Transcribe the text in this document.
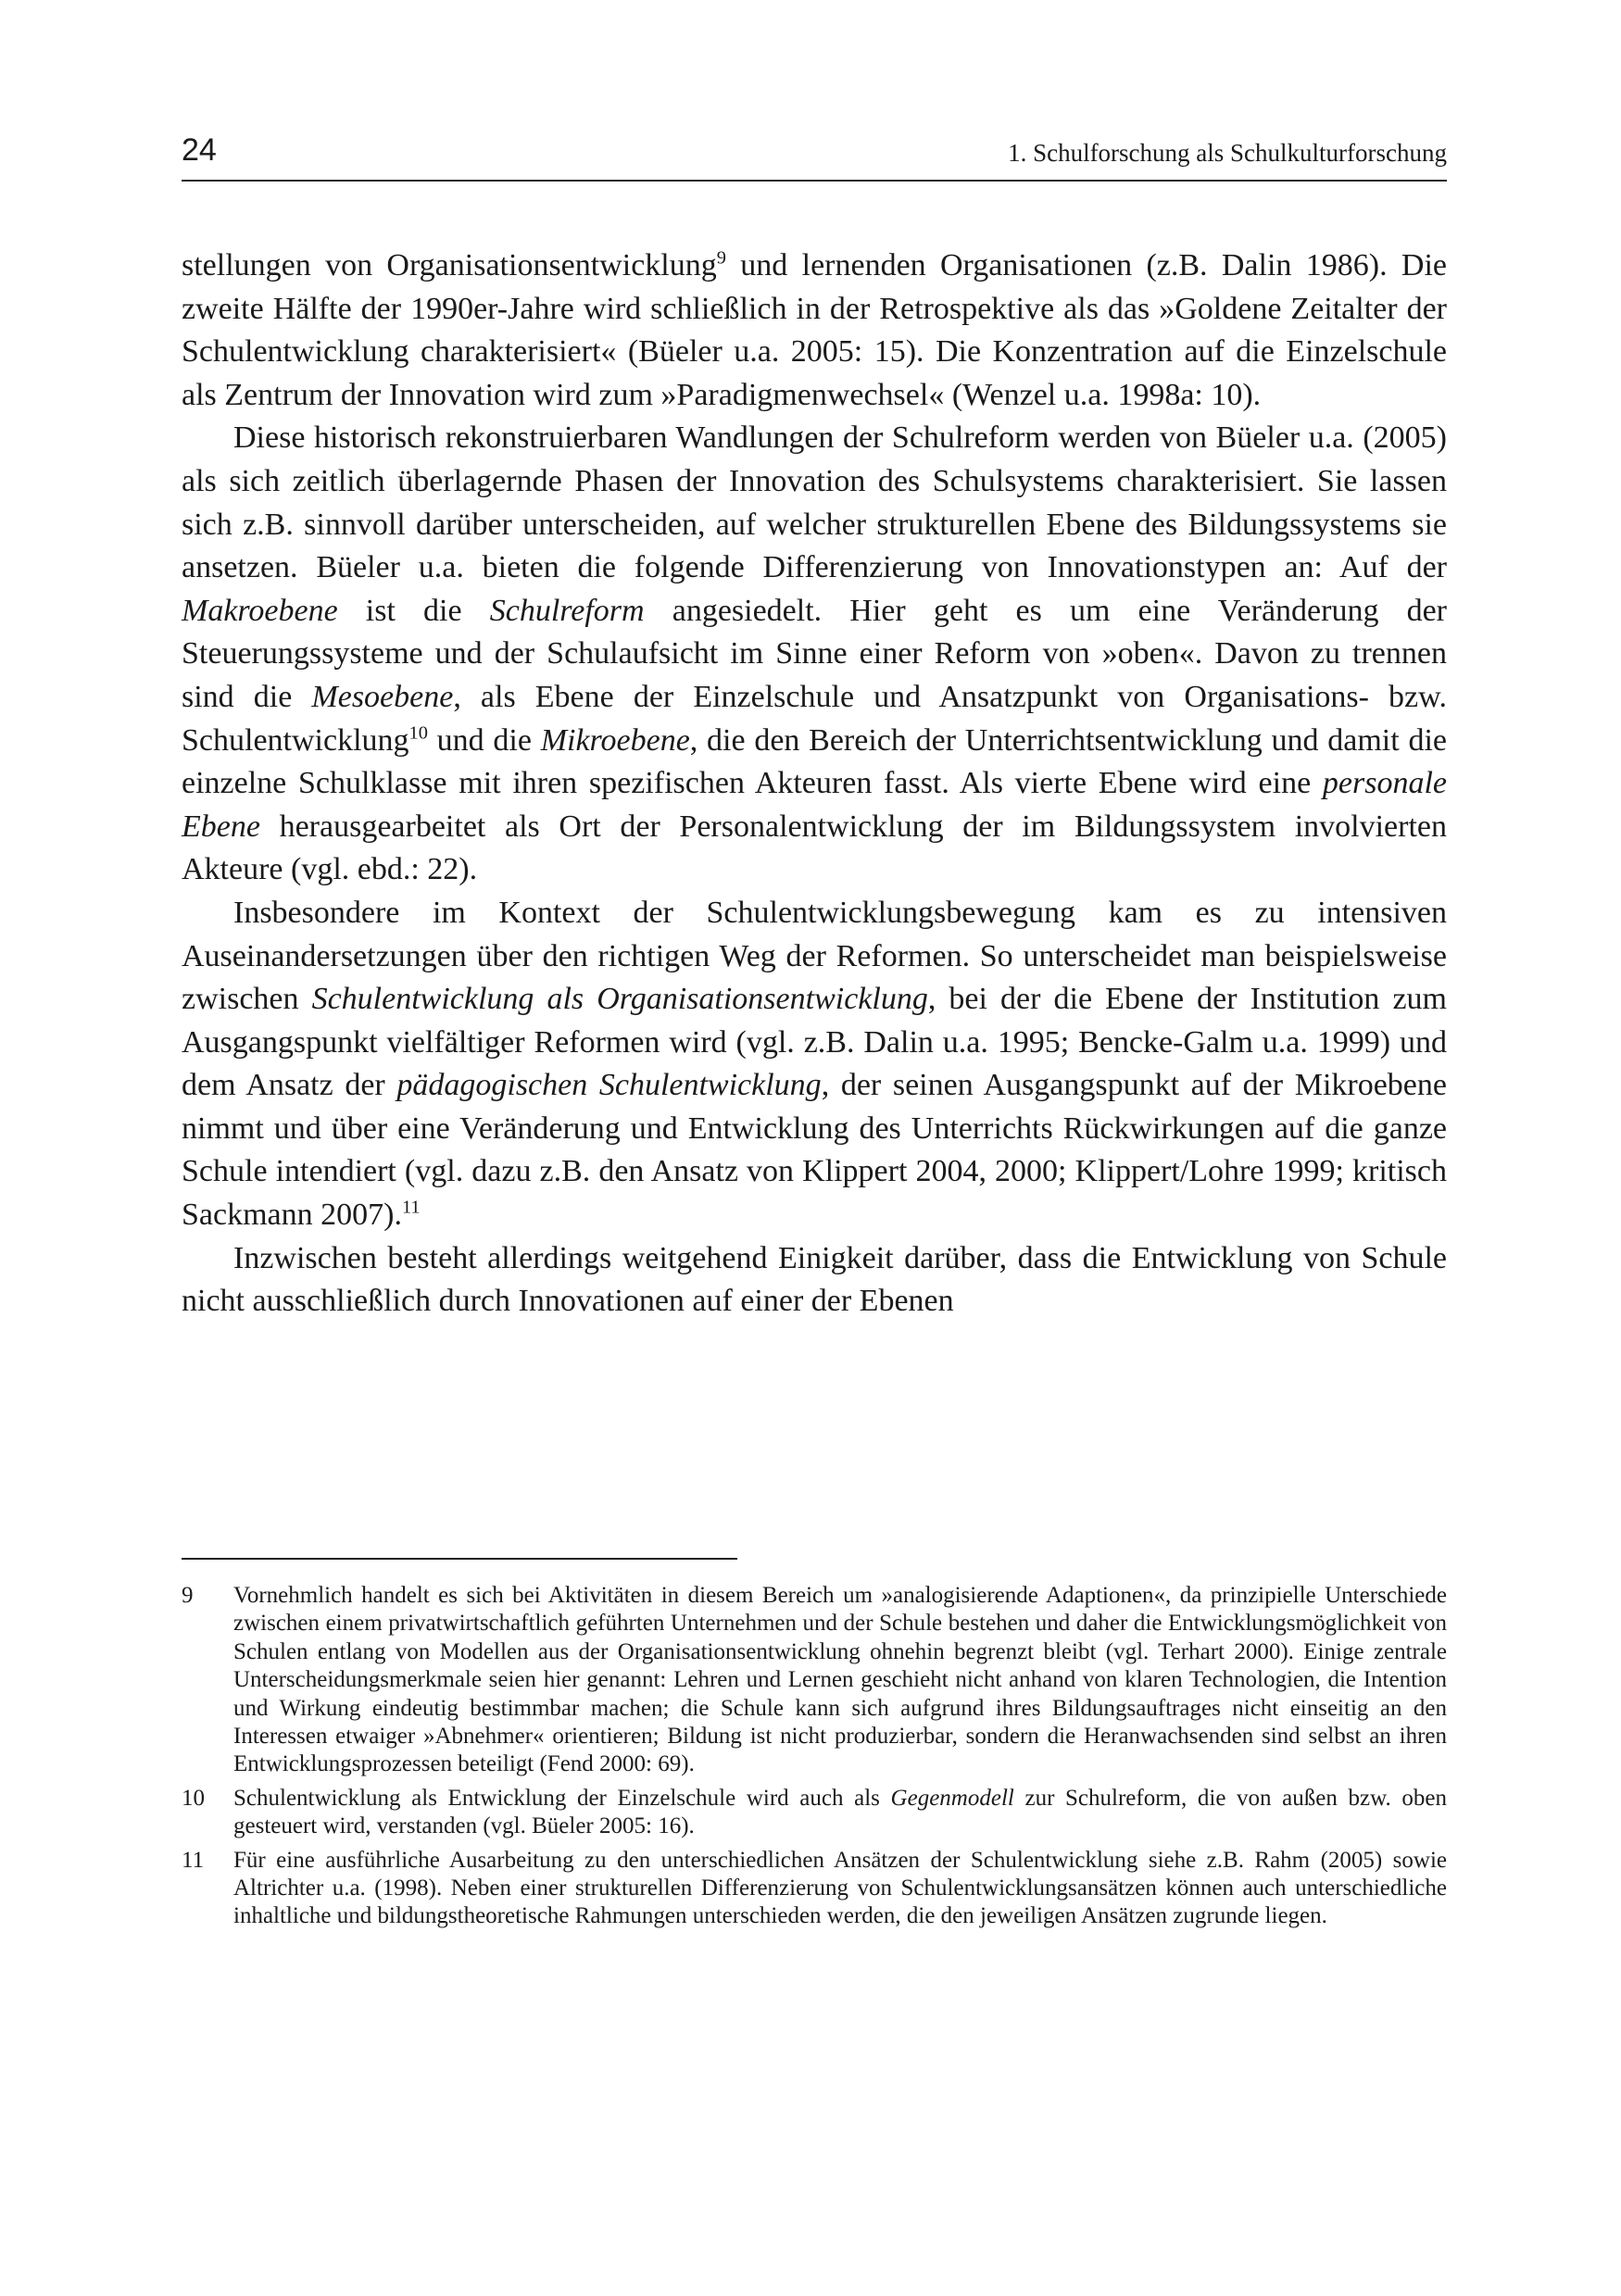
24	1. Schulforschung als Schulkulturforschung

stellungen von Organisationsentwicklung$^9$ und lernenden Organisationen (z.B. Dalin 1986). Die zweite Hälfte der 1990er-Jahre wird schließlich in der Retrospektive als das »Goldene Zeitalter der Schulentwicklung charakterisiert« (Büeler u.a. 2005: 15). Die Konzentration auf die Einzelschule als Zentrum der Innovation wird zum »Paradigmenwechsel« (Wenzel u.a. 1998a: 10).

Diese historisch rekonstruierbaren Wandlungen der Schulreform werden von Büeler u.a. (2005) als sich zeitlich überlagernde Phasen der Innovation des Schulsystems charakterisiert. Sie lassen sich z.B. sinnvoll darüber unterscheiden, auf welcher strukturellen Ebene des Bildungssystems sie ansetzen. Büeler u.a. bieten die folgende Differenzierung von Innovationstypen an: Auf der Makroebene ist die Schulreform angesiedelt. Hier geht es um eine Veränderung der Steuerungssysteme und der Schulaufsicht im Sinne einer Reform von »oben«. Davon zu trennen sind die Mesoebene, als Ebene der Einzelschule und Ansatzpunkt von Organisations- bzw. Schulentwicklung$^{10}$ und die Mikroebene, die den Bereich der Unterrichtsentwicklung und damit die einzelne Schulklasse mit ihren spezifischen Akteuren fasst. Als vierte Ebene wird eine personale Ebene herausgearbeitet als Ort der Personalentwicklung der im Bildungssystem involvierten Akteure (vgl. ebd.: 22).

Insbesondere im Kontext der Schulentwicklungsbewegung kam es zu intensiven Auseinandersetzungen über den richtigen Weg der Reformen. So unterscheidet man beispielsweise zwischen Schulentwicklung als Organisationsentwicklung, bei der die Ebene der Institution zum Ausgangspunkt vielfältiger Reformen wird (vgl. z.B. Dalin u.a. 1995; Bencke-Galm u.a. 1999) und dem Ansatz der pädagogischen Schulentwicklung, der seinen Ausgangspunkt auf der Mikroebene nimmt und über eine Veränderung und Entwicklung des Unterrichts Rückwirkungen auf die ganze Schule intendiert (vgl. dazu z.B. den Ansatz von Klippert 2004, 2000; Klippert/Lohre 1999; kritisch Sackmann 2007).$^{11}$

Inzwischen besteht allerdings weitgehend Einigkeit darüber, dass die Entwicklung von Schule nicht ausschließlich durch Innovationen auf einer der Ebenen

9 Vornehmlich handelt es sich bei Aktivitäten in diesem Bereich um »analogisierende Adaptionen«, da prinzipielle Unterschiede zwischen einem privatwirtschaftlich geführten Unternehmen und der Schule bestehen und daher die Entwicklungsmöglichkeit von Schulen entlang von Modellen aus der Organisationsentwicklung ohnehin begrenzt bleibt (vgl. Terhart 2000). Einige zentrale Unterscheidungsmerkmale seien hier genannt: Lehren und Lernen geschieht nicht anhand von klaren Technologien, die Intention und Wirkung eindeutig bestimmbar machen; die Schule kann sich aufgrund ihres Bildungsauftrages nicht einseitig an den Interessen etwaiger »Abnehmer« orientieren; Bildung ist nicht produzierbar, sondern die Heranwachsenden sind selbst an ihren Entwicklungsprozessen beteiligt (Fend 2000: 69).
10 Schulentwicklung als Entwicklung der Einzelschule wird auch als Gegenmodell zur Schulreform, die von außen bzw. oben gesteuert wird, verstanden (vgl. Büeler 2005: 16).
11 Für eine ausführliche Ausarbeitung zu den unterschiedlichen Ansätzen der Schulentwicklung siehe z.B. Rahm (2005) sowie Altrichter u.a. (1998). Neben einer strukturellen Differenzierung von Schulentwicklungsansätzen können auch unterschiedliche inhaltliche und bildungstheoretische Rahmungen unterschieden werden, die den jeweiligen Ansätzen zugrunde liegen.
